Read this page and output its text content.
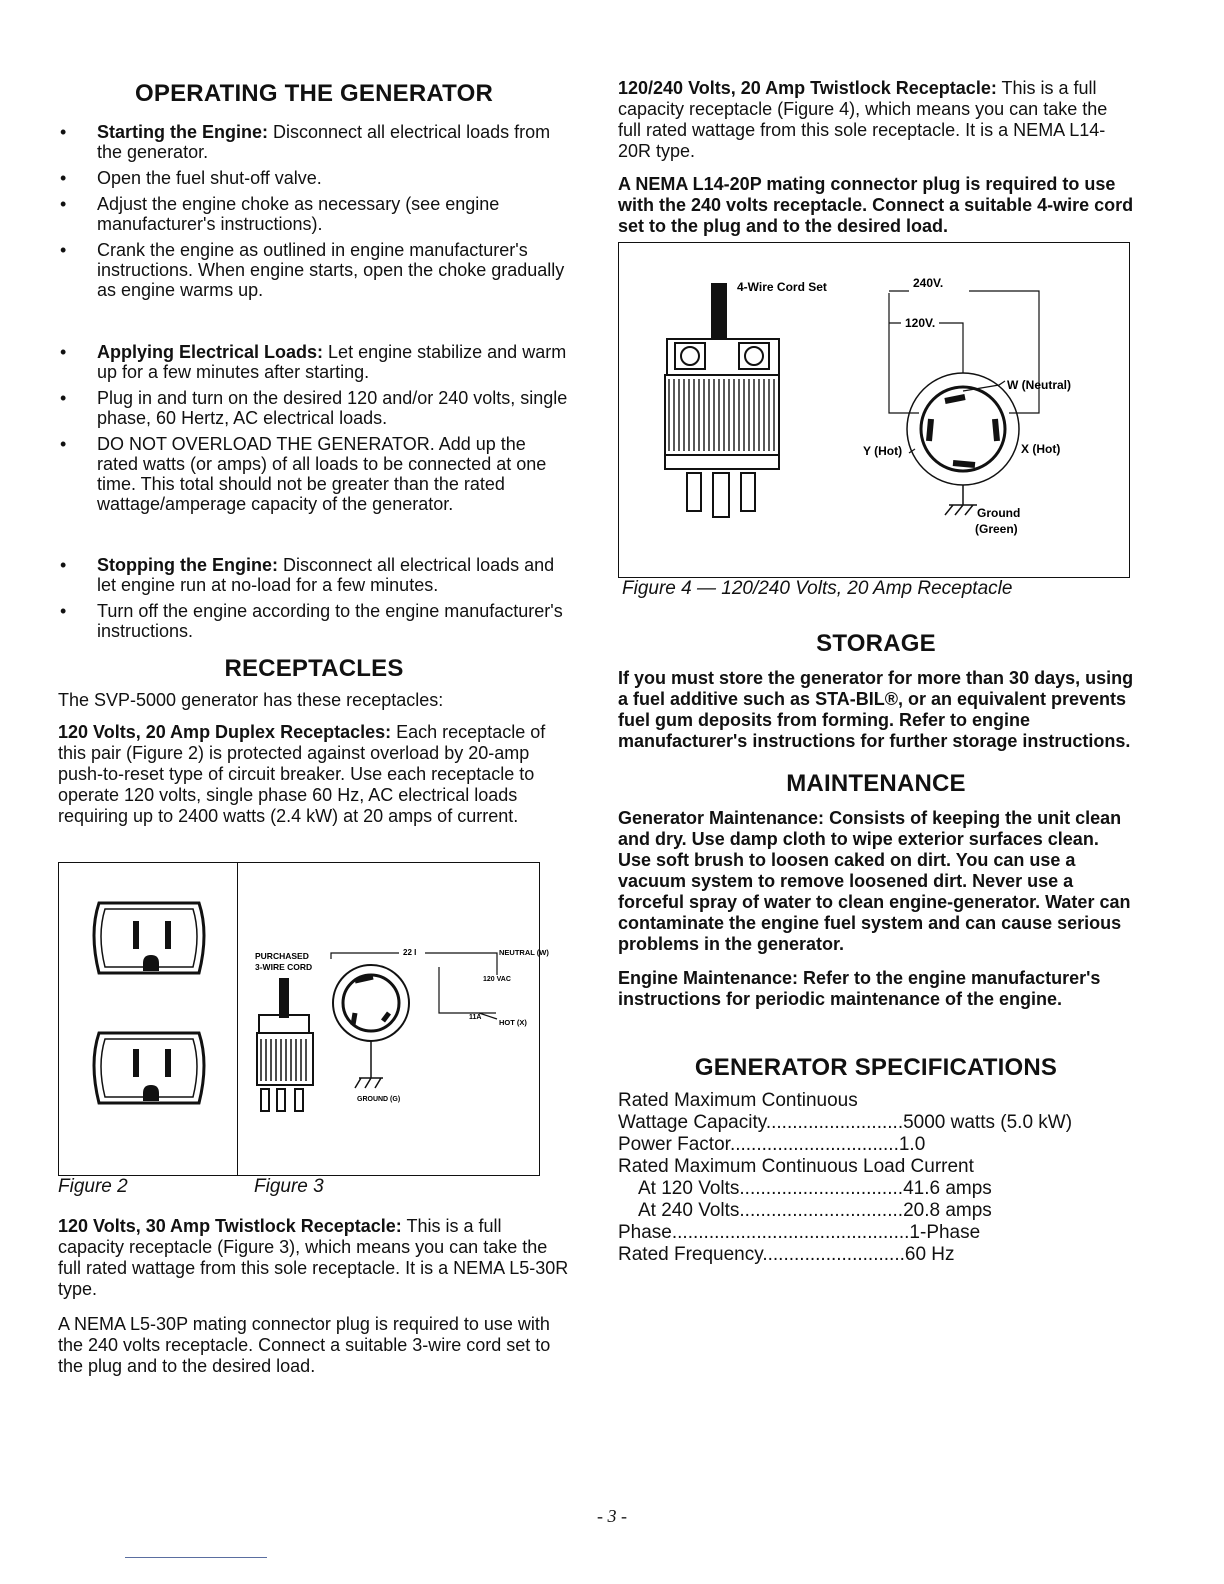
OPERATING THE GENERATOR
• Starting the Engine: Disconnect all electrical loads from the generator.
• Open the fuel shut-off valve.
• Adjust the engine choke as necessary (see engine manufacturer's instructions).
• Crank the engine as outlined in engine manufacturer's instructions. When engine starts, open the choke gradually as engine warms up.
• Applying Electrical Loads: Let engine stabilize and warm up for a few minutes after starting.
• Plug in and turn on the desired 120 and/or 240 volts, single phase, 60 Hertz, AC electrical loads.
• DO NOT OVERLOAD THE GENERATOR. Add up the rated watts (or amps) of all loads to be connected at one time. This total should not be greater than the rated wattage/amperage capacity of the generator.
• Stopping the Engine: Disconnect all electrical loads and let engine run at no-load for a few minutes.
• Turn off the engine according to the engine manufacturer's instructions.
RECEPTACLES
The SVP-5000 generator has these receptacles:
120 Volts, 20 Amp Duplex Receptacles: Each receptacle of this pair (Figure 2) is protected against overload by 20-amp push-to-reset type of circuit breaker. Use each receptacle to operate 120 volts, single phase 60 Hz, AC electrical loads requiring up to 2400 watts (2.4 kW) at 20 amps of current.
PURCHASED
3-WIRE CORD
22 I	NEUTRAL (W)
120 VAC
11A
HOT (X)
GROUND (G)
Figure 2	Figure 3
120 Volts, 30 Amp Twistlock Receptacle: This is a full capacity receptacle (Figure 3), which means you can take the full rated wattage from this sole receptacle. It is a NEMA L5-30R type.
A NEMA L5-30P mating connector plug is required to use with the 240 volts receptacle. Connect a suitable 3-wire cord set to the plug and to the desired load.
120/240 Volts, 20 Amp Twistlock Receptacle: This is a full capacity receptacle (Figure 4), which means you can take the full rated wattage from this sole receptacle. It is a NEMA L14-20R type.
A NEMA L14-20P mating connector plug is required to use with the 240 volts receptacle. Connect a suitable 4-wire cord set to the plug and to the desired load.
4-Wire Cord Set	240V.
120V.
W (Neutral)
Y (Hot)	X (Hot)
Ground
(Green)
Figure 4 — 120/240 Volts, 20 Amp Receptacle
STORAGE
If you must store the generator for more than 30 days, using a fuel additive such as STA-BIL®, or an equivalent prevents fuel gum deposits from forming. Refer to engine manufacturer's instructions for further storage instructions.
MAINTENANCE
Generator Maintenance: Consists of keeping the unit clean and dry. Use damp cloth to wipe exterior surfaces clean. Use soft brush to loosen caked on dirt. You can use a vacuum system to remove loosened dirt. Never use a forceful spray of water to clean engine-generator. Water can contaminate the engine fuel system and can cause serious problems in the generator.
Engine Maintenance: Refer to the engine manufacturer's instructions for periodic maintenance of the engine.
GENERATOR SPECIFICATIONS
Rated Maximum Continuous
Wattage Capacity..........................5000 watts (5.0 kW)
Power Factor................................1.0
Rated Maximum Continuous Load Current
At 120 Volts...............................41.6 amps
At 240 Volts...............................20.8 amps
Phase.............................................1-Phase
Rated Frequency...........................60 Hz
- 3 -
